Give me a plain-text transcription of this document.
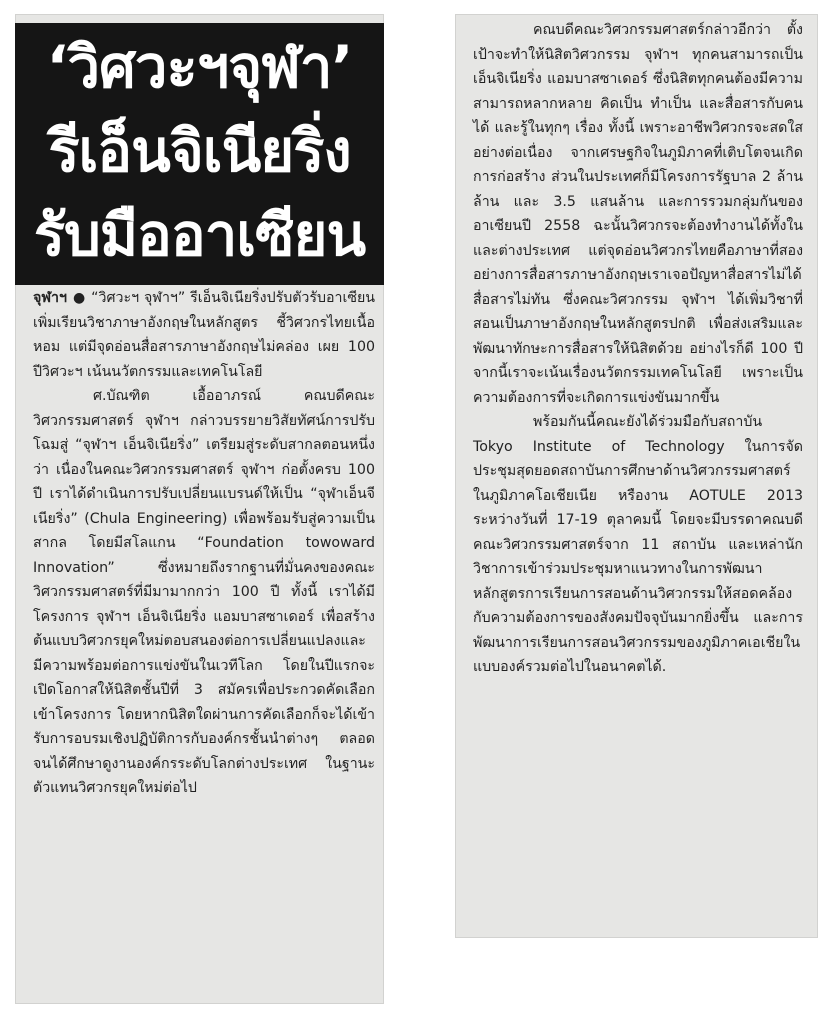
‘วิศวะฯจุฬา’
รีเอ็นจิเนียริ่ง
รับมืออาเซียน

จุฬาฯ ● “วิศวะฯ จุฬาฯ” รีเอ็นจิเนียริ่งปรับตัวรับอาเซียน เพิ่มเรียนวิชาภาษาอังกฤษในหลักสูตร ชี้วิศวกรไทยเนื้อหอม แต่มีจุดอ่อนสื่อสารภาษาอังกฤษไม่คล่อง เผย 100 ปีวิศวะฯ เน้นนวัตกรรมและเทคโนโลยี

ศ.บัณฑิต เอื้ออาภรณ์ คณบดีคณะวิศวกรรมศาสตร์ จุฬาฯ กล่าวบรรยายวิสัยทัศน์การปรับโฉมสู่ “จุฬาฯ เอ็นจิเนียริ่ง” เตรียมสู่ระดับสากลตอนหนึ่งว่า เนื่องในคณะวิศวกรรมศาสตร์ จุฬาฯ ก่อตั้งครบ 100 ปี เราได้ดำเนินการปรับเปลี่ยนแบรนด์ให้เป็น “จุฬาเอ็นจีเนียริ่ง” (Chula Engineering) เพื่อพร้อมรับสู่ความเป็นสากล โดยมีสโลแกน “Foundation towoward Innovation” ซึ่งหมายถึงรากฐานที่มั่นคงของคณะวิศวกรรมศาสตร์ที่มีมามากกว่า 100 ปี ทั้งนี้ เราได้มีโครงการ จุฬาฯ เอ็นจิเนียริ่ง แอมบาสซาเดอร์ เพื่อสร้างต้นแบบวิศวกรยุคใหม่ตอบสนองต่อการเปลี่ยนแปลงและมีความพร้อมต่อการแข่งขันในเวทีโลก โดยในปีแรกจะเปิดโอกาสให้นิสิตชั้นปีที่ 3 สมัครเพื่อประกวดคัดเลือกเข้าโครงการ โดยหากนิสิตใดผ่านการคัดเลือกก็จะได้เข้ารับการอบรมเชิงปฏิบัติการกับองค์กรชั้นนำต่างๆ ตลอดจนได้ศึกษาดูงานองค์กรระดับโลกต่างประเทศ ในฐานะตัวแทนวิศวกรยุคใหม่ต่อไป

คณบดีคณะวิศวกรรมศาสตร์กล่าวอีกว่า ตั้งเป้าจะทำให้นิสิตวิศวกรรม จุฬาฯ ทุกคนสามารถเป็นเอ็นจิเนียริ่ง แอมบาสซาเดอร์ ซึ่งนิสิตทุกคนต้องมีความสามารถหลากหลาย คิดเป็น ทำเป็น และสื่อสารกับคนได้ และรู้ในทุกๆ เรื่อง ทั้งนี้ เพราะอาชีพวิศวกรจะสดใสอย่างต่อเนื่อง จากเศรษฐกิจในภูมิภาคที่เติบโตจนเกิดการก่อสร้าง ส่วนในประเทศก็มีโครงการรัฐบาล 2 ล้านล้าน และ 3.5 แสนล้าน และการรวมกลุ่มกันของอาเซียนปี 2558 ฉะนั้นวิศวกรจะต้องทำงานได้ทั้งในและต่างประเทศ แต่จุดอ่อนวิศวกรไทยคือภาษาที่สองอย่างการสื่อสารภาษาอังกฤษเราเจอปัญหาสื่อสารไม่ได้ สื่อสารไม่ทัน ซึ่งคณะวิศวกรรม จุฬาฯ ได้เพิ่มวิชาที่สอนเป็นภาษาอังกฤษในหลักสูตรปกติ เพื่อส่งเสริมและพัฒนาทักษะการสื่อสารให้นิสิตด้วย อย่างไรก็ดี 100 ปีจากนี้เราจะเน้นเรื่องนวัตกรรมเทคโนโลยี เพราะเป็นความต้องการที่จะเกิดการแข่งขันมากขึ้น

พร้อมกันนี้คณะยังได้ร่วมมือกับสถาบัน Tokyo Institute of Technology ในการจัดประชุมสุดยอดสถาบันการศึกษาด้านวิศวกรรมศาสตร์ในภูมิภาคโอเชียเนีย หรืองาน AOTULE 2013 ระหว่างวันที่ 17-19 ตุลาคมนี้ โดยจะมีบรรดาคณบดีคณะวิศวกรรมศาสตร์จาก 11 สถาบัน และเหล่านักวิชาการเข้าร่วมประชุมหาแนวทางในการพัฒนาหลักสูตรการเรียนการสอนด้านวิศวกรรมให้สอดคล้องกับความต้องการของสังคมปัจจุบันมากยิ่งขึ้น และการพัฒนาการเรียนการสอนวิศวกรรมของภูมิภาคเอเชียในแบบองค์รวมต่อไปในอนาคตได้.
